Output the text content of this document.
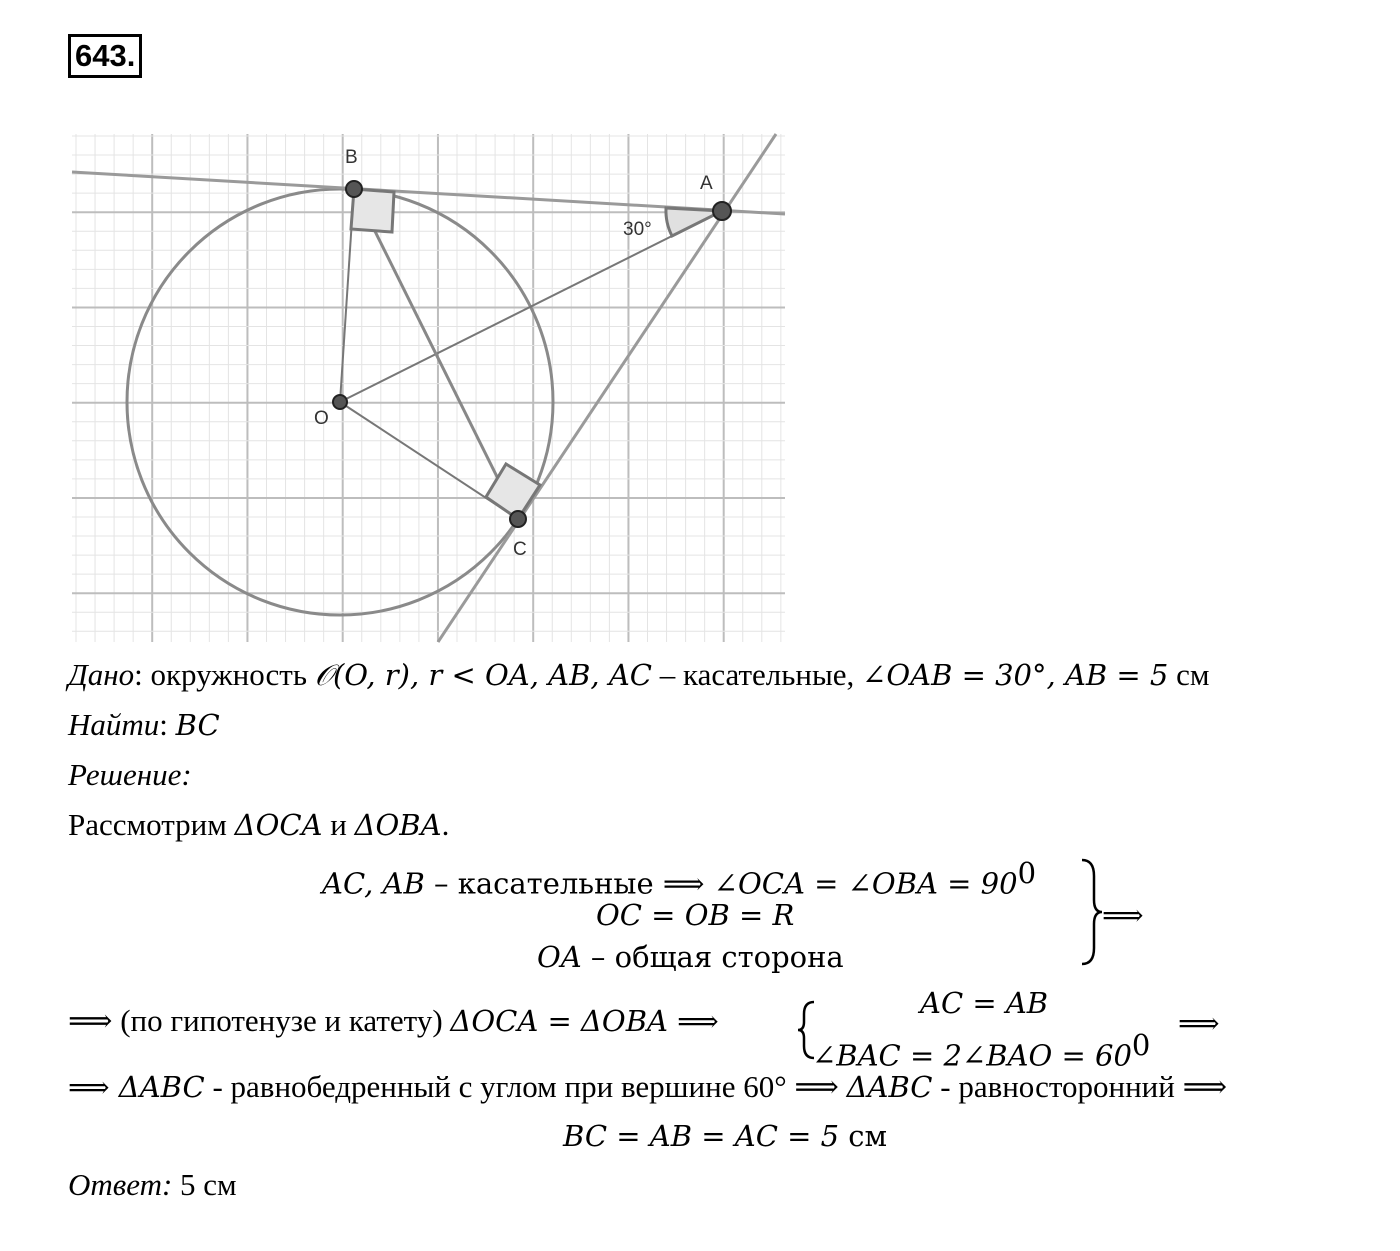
643.
B
A
O
C
30°
Дано: окружность 𝒪(O, r), r < OA, AB, AC – касательные, ∠OAB = 30°, AB = 5 см
Найти: BC
Решение:
Рассмотрим ΔOCA и ΔOBA.
AC, AB – касательные ⟹ ∠OCA = ∠OBA = $90^0$
OC = OB = R
OA – общая сторона
⟹
⟹ (по гипотенузе и катету) ΔOCA = ΔOBA ⟹
AC = AB
∠BAC = 2∠BAO = $60^0$
⟹
⟹ ΔABC - равнобедренный с углом при вершине 60° ⟹ ΔABC - равносторонний ⟹
BC = AB = AC = 5 см
Ответ: 5 см
